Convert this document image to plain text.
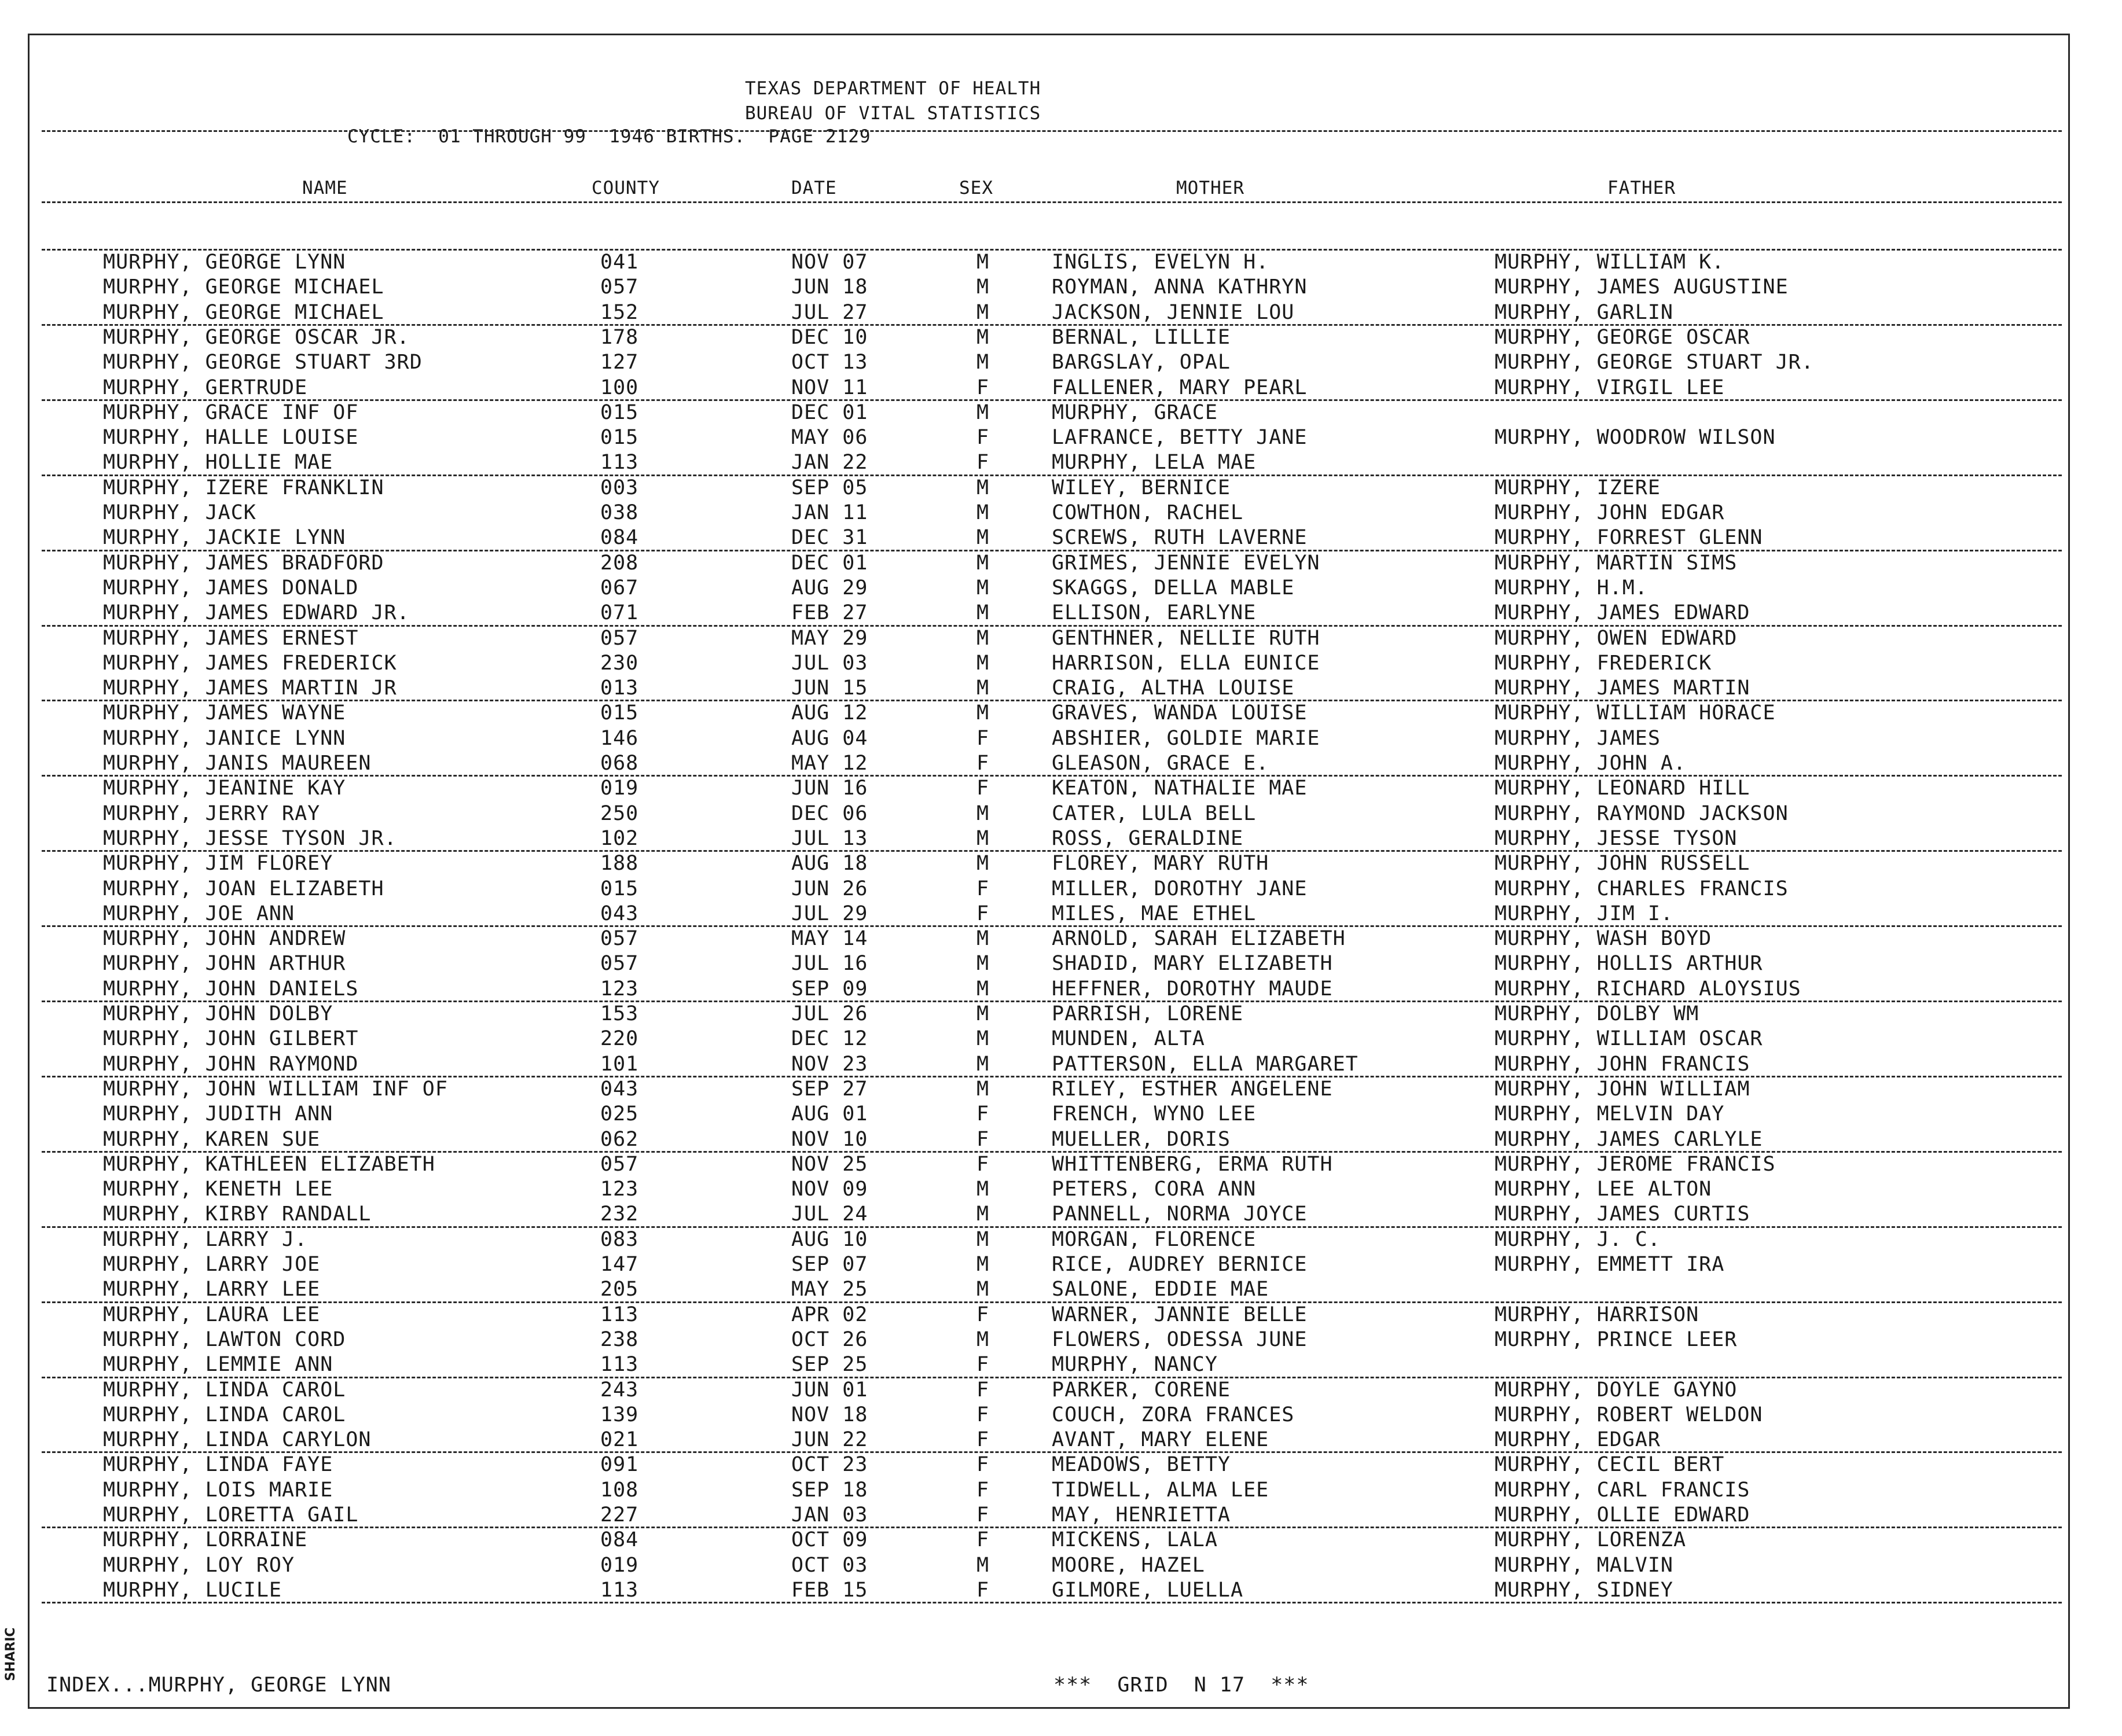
TEXAS DEPARTMENT OF HEALTH
BUREAU OF VITAL STATISTICS
CYCLE:  01 THROUGH 99  1946 BIRTHS.  PAGE 2129
NAME	COUNTY	DATE	SEX	MOTHER	FATHER
MURPHY, GEORGE LYNN	041	NOV 07	M	INGLIS, EVELYN H.	MURPHY, WILLIAM K.
MURPHY, GEORGE MICHAEL	057	JUN 18	M	ROYMAN, ANNA KATHRYN	MURPHY, JAMES AUGUSTINE
MURPHY, GEORGE MICHAEL	152	JUL 27	M	JACKSON, JENNIE LOU	MURPHY, GARLIN
MURPHY, GEORGE OSCAR JR.	178	DEC 10	M	BERNAL, LILLIE	MURPHY, GEORGE OSCAR
MURPHY, GEORGE STUART 3RD	127	OCT 13	M	BARGSLAY, OPAL	MURPHY, GEORGE STUART JR.
MURPHY, GERTRUDE	100	NOV 11	F	FALLENER, MARY PEARL	MURPHY, VIRGIL LEE
MURPHY, GRACE INF OF	015	DEC 01	M	MURPHY, GRACE
MURPHY, HALLE LOUISE	015	MAY 06	F	LAFRANCE, BETTY JANE	MURPHY, WOODROW WILSON
MURPHY, HOLLIE MAE	113	JAN 22	F	MURPHY, LELA MAE
MURPHY, IZERE FRANKLIN	003	SEP 05	M	WILEY, BERNICE	MURPHY, IZERE
MURPHY, JACK	038	JAN 11	M	COWTHON, RACHEL	MURPHY, JOHN EDGAR
MURPHY, JACKIE LYNN	084	DEC 31	M	SCREWS, RUTH LAVERNE	MURPHY, FORREST GLENN
MURPHY, JAMES BRADFORD	208	DEC 01	M	GRIMES, JENNIE EVELYN	MURPHY, MARTIN SIMS
MURPHY, JAMES DONALD	067	AUG 29	M	SKAGGS, DELLA MABLE	MURPHY, H.M.
MURPHY, JAMES EDWARD JR.	071	FEB 27	M	ELLISON, EARLYNE	MURPHY, JAMES EDWARD
MURPHY, JAMES ERNEST	057	MAY 29	M	GENTHNER, NELLIE RUTH	MURPHY, OWEN EDWARD
MURPHY, JAMES FREDERICK	230	JUL 03	M	HARRISON, ELLA EUNICE	MURPHY, FREDERICK
MURPHY, JAMES MARTIN JR	013	JUN 15	M	CRAIG, ALTHA LOUISE	MURPHY, JAMES MARTIN
MURPHY, JAMES WAYNE	015	AUG 12	M	GRAVES, WANDA LOUISE	MURPHY, WILLIAM HORACE
MURPHY, JANICE LYNN	146	AUG 04	F	ABSHIER, GOLDIE MARIE	MURPHY, JAMES
MURPHY, JANIS MAUREEN	068	MAY 12	F	GLEASON, GRACE E.	MURPHY, JOHN A.
MURPHY, JEANINE KAY	019	JUN 16	F	KEATON, NATHALIE MAE	MURPHY, LEONARD HILL
MURPHY, JERRY RAY	250	DEC 06	M	CATER, LULA BELL	MURPHY, RAYMOND JACKSON
MURPHY, JESSE TYSON JR.	102	JUL 13	M	ROSS, GERALDINE	MURPHY, JESSE TYSON
MURPHY, JIM FLOREY	188	AUG 18	M	FLOREY, MARY RUTH	MURPHY, JOHN RUSSELL
MURPHY, JOAN ELIZABETH	015	JUN 26	F	MILLER, DOROTHY JANE	MURPHY, CHARLES FRANCIS
MURPHY, JOE ANN	043	JUL 29	F	MILES, MAE ETHEL	MURPHY, JIM I.
MURPHY, JOHN ANDREW	057	MAY 14	M	ARNOLD, SARAH ELIZABETH	MURPHY, WASH BOYD
MURPHY, JOHN ARTHUR	057	JUL 16	M	SHADID, MARY ELIZABETH	MURPHY, HOLLIS ARTHUR
MURPHY, JOHN DANIELS	123	SEP 09	M	HEFFNER, DOROTHY MAUDE	MURPHY, RICHARD ALOYSIUS
MURPHY, JOHN DOLBY	153	JUL 26	M	PARRISH, LORENE	MURPHY, DOLBY WM
MURPHY, JOHN GILBERT	220	DEC 12	M	MUNDEN, ALTA	MURPHY, WILLIAM OSCAR
MURPHY, JOHN RAYMOND	101	NOV 23	M	PATTERSON, ELLA MARGARET	MURPHY, JOHN FRANCIS
MURPHY, JOHN WILLIAM INF OF	043	SEP 27	M	RILEY, ESTHER ANGELENE	MURPHY, JOHN WILLIAM
MURPHY, JUDITH ANN	025	AUG 01	F	FRENCH, WYNO LEE	MURPHY, MELVIN DAY
MURPHY, KAREN SUE	062	NOV 10	F	MUELLER, DORIS	MURPHY, JAMES CARLYLE
MURPHY, KATHLEEN ELIZABETH	057	NOV 25	F	WHITTENBERG, ERMA RUTH	MURPHY, JEROME FRANCIS
MURPHY, KENETH LEE	123	NOV 09	M	PETERS, CORA ANN	MURPHY, LEE ALTON
MURPHY, KIRBY RANDALL	232	JUL 24	M	PANNELL, NORMA JOYCE	MURPHY, JAMES CURTIS
MURPHY, LARRY J.	083	AUG 10	M	MORGAN, FLORENCE	MURPHY, J. C.
MURPHY, LARRY JOE	147	SEP 07	M	RICE, AUDREY BERNICE	MURPHY, EMMETT IRA
MURPHY, LARRY LEE	205	MAY 25	M	SALONE, EDDIE MAE
MURPHY, LAURA LEE	113	APR 02	F	WARNER, JANNIE BELLE	MURPHY, HARRISON
MURPHY, LAWTON CORD	238	OCT 26	M	FLOWERS, ODESSA JUNE	MURPHY, PRINCE LEER
MURPHY, LEMMIE ANN	113	SEP 25	F	MURPHY, NANCY
MURPHY, LINDA CAROL	243	JUN 01	F	PARKER, CORENE	MURPHY, DOYLE GAYNO
MURPHY, LINDA CAROL	139	NOV 18	F	COUCH, ZORA FRANCES	MURPHY, ROBERT WELDON
MURPHY, LINDA CARYLON	021	JUN 22	F	AVANT, MARY ELENE	MURPHY, EDGAR
MURPHY, LINDA FAYE	091	OCT 23	F	MEADOWS, BETTY	MURPHY, CECIL BERT
MURPHY, LOIS MARIE	108	SEP 18	F	TIDWELL, ALMA LEE	MURPHY, CARL FRANCIS
MURPHY, LORETTA GAIL	227	JAN 03	F	MAY, HENRIETTA	MURPHY, OLLIE EDWARD
MURPHY, LORRAINE	084	OCT 09	F	MICKENS, LALA	MURPHY, LORENZA
MURPHY, LOY ROY	019	OCT 03	M	MOORE, HAZEL	MURPHY, MALVIN
MURPHY, LUCILE	113	FEB 15	F	GILMORE, LUELLA	MURPHY, SIDNEY
INDEX...MURPHY, GEORGE LYNN	***  GRID  N 17  ***
SHARIC
